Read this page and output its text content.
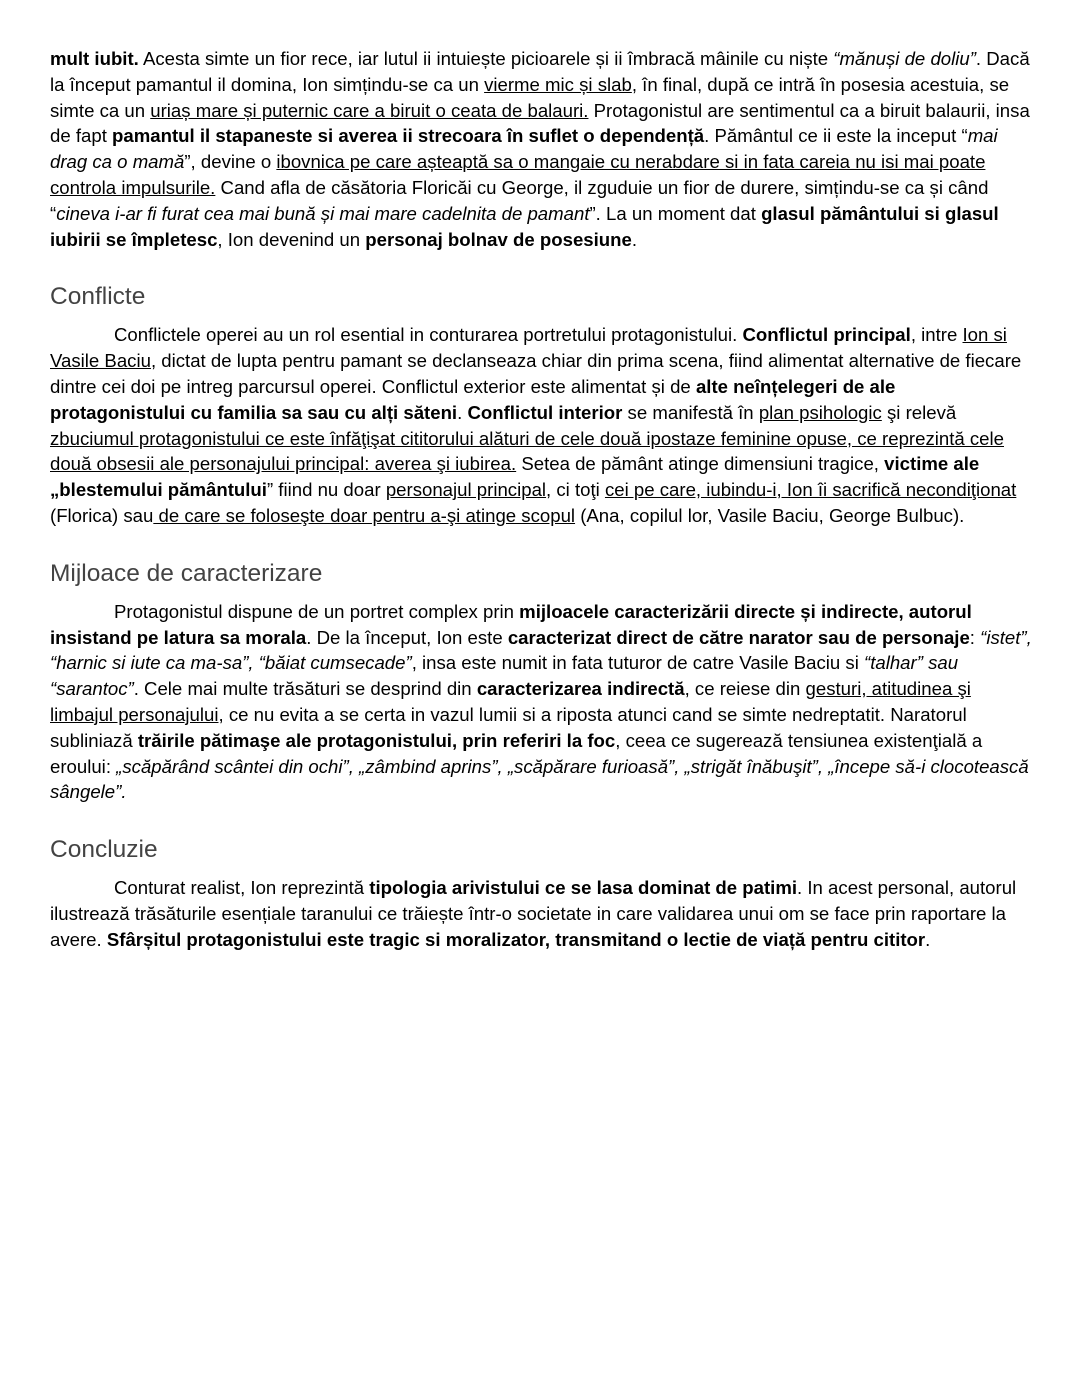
mult iubit. Acesta simte un fior rece, iar lutul ii intuiește picioarele și ii îmbracă mâinile cu niște “mănuși de doliu”. Dacă la început pamantul il domina, Ion simțindu-se ca un vierme mic și slab, în final, după ce intră în posesia acestuia, se simte ca un uriaș mare și puternic care a biruit o ceata de balauri. Protagonistul are sentimentul ca a biruit balaurii, insa de fapt pamantul il stapaneste si averea ii strecoara în suflet o dependență. Pământul ce ii este la inceput “mai drag ca o mamă”, devine o ibovnica pe care așteaptă sa o mangaie cu nerabdare si in fata careia nu isi mai poate controla impulsurile. Cand afla de căsătoria Floricăi cu George, il zguduie un fior de durere, simțindu-se ca și când “cineva i-ar fi furat cea mai bună și mai mare cadelnita de pamant”. La un moment dat glasul pământului si glasul iubirii se împletesc, Ion devenind un personaj bolnav de posesiune.

Conflicte

Conflictele operei au un rol esential in conturarea portretului protagonistului. Conflictul principal, intre Ion si Vasile Baciu, dictat de lupta pentru pamant se declanseaza chiar din prima scena, fiind alimentat alternative de fiecare dintre cei doi pe intreg parcursul operei. Conflictul exterior este alimentat și de alte neînțelegeri de ale protagonistului cu familia sa sau cu alți săteni. Conflictul interior se manifestă în plan psihologic şi relevă zbuciumul protagonistului ce este înfăţişat cititorului alături de cele două ipostaze feminine opuse, ce reprezintă cele două obsesii ale personajului principal: averea şi iubirea. Setea de pământ atinge dimensiuni tragice, victime ale „blestemului pământului” fiind nu doar personajul principal, ci toţi cei pe care, iubindu-i, Ion îi sacrifică necondiţionat (Florica) sau de care se foloseşte doar pentru a-şi atinge scopul (Ana, copilul lor, Vasile Baciu, George Bulbuc).

Mijloace de caracterizare

Protagonistul dispune de un portret complex prin mijloacele caracterizării directe și indirecte, autorul insistand pe latura sa morala. De la început, Ion este caracterizat direct de către narator sau de personaje: “istet”, “harnic si iute ca ma-sa”, “băiat cumsecade”, insa este numit in fata tuturor de catre Vasile Baciu si “talhar” sau “sarantoc”. Cele mai multe trăsături se desprind din caracterizarea indirectă, ce reiese din gesturi, atitudinea şi limbajul personajului, ce nu evita a se certa in vazul lumii si a riposta atunci cand se simte nedreptatit. Naratorul subliniază trăirile pătimaşe ale protagonistului, prin referiri la foc, ceea ce sugerează tensiunea existenţială a eroului: „scăpărând scântei din ochi”, „zâmbind aprins”, „scăpărare furioasă”, „strigăt înăbuşit”, „începe să-i clocotească sângele”.

Concluzie

Conturat realist, Ion reprezintă tipologia arivistului ce se lasa dominat de patimi. In acest personal, autorul ilustrează trăsăturile esențiale taranului ce trăiește într-o societate in care validarea unui om se face prin raportare la avere. Sfârșitul protagonistului este tragic si moralizator, transmitand o lectie de viață pentru cititor.
